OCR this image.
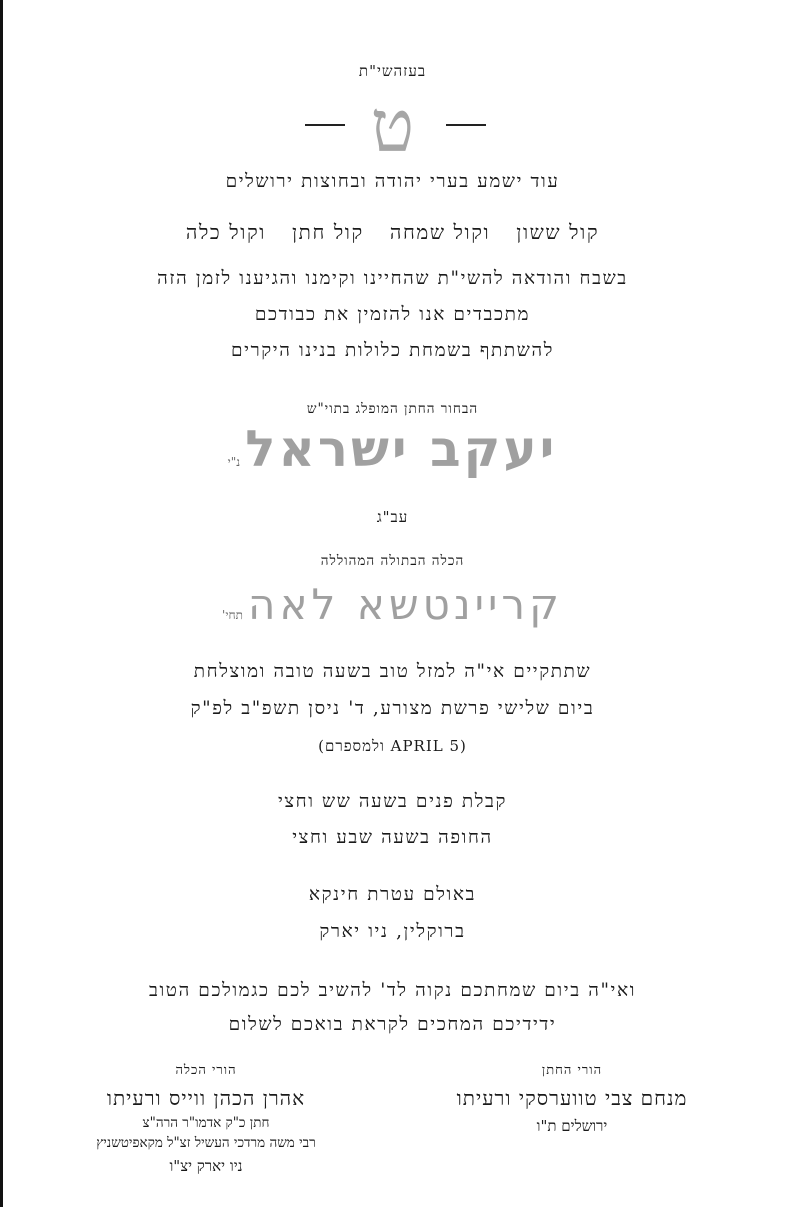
בעזהשי"ת
ט
עוד ישמע בערי יהודה ובחוצות ירושלים
קול ששוןוקול שמחהקול חתןוקול כלה
בשבח והודאה להשי"ת שהחיינו וקימנו והגיענו לזמן הזה
מתכבדים אנו להזמין את כבודכם
להשתתף בשמחת כלולות בנינו היקרים
הבחור החתן המופלג בתוי"ש
יעקב ישראל נ"י
עב"ג
הכלה הבתולה המהוללה
קריינטשא לאה תחי'
שתתקיים אי"ה למזל טוב בשעה טובה ומוצלחת
ביום שלישי פרשת מצורע, ד' ניסן תשפ"ב לפ"ק
(APRIL 5 ולמספרם)
קבלת פנים בשעה שש וחצי
החופה בשעה שבע וחצי
באולם עטרת חינקא
ברוקלין, ניו יארק
ואי"ה ביום שמחתכם נקוה לד' להשיב לכם כגמולכם הטוב
ידידיכם המחכים לקראת בואכם לשלום
הורי החתן
מנחם צבי טווערסקי ורעיתו
ירושלים ת"ו
הורי הכלה
אהרן הכהן ווייס ורעיתו
חתן כ"ק אדמו"ר הרה"צ
רבי משה מרדכי העשיל זצ"ל מקאפיטשניץ
ניו יארק יצ"ו
